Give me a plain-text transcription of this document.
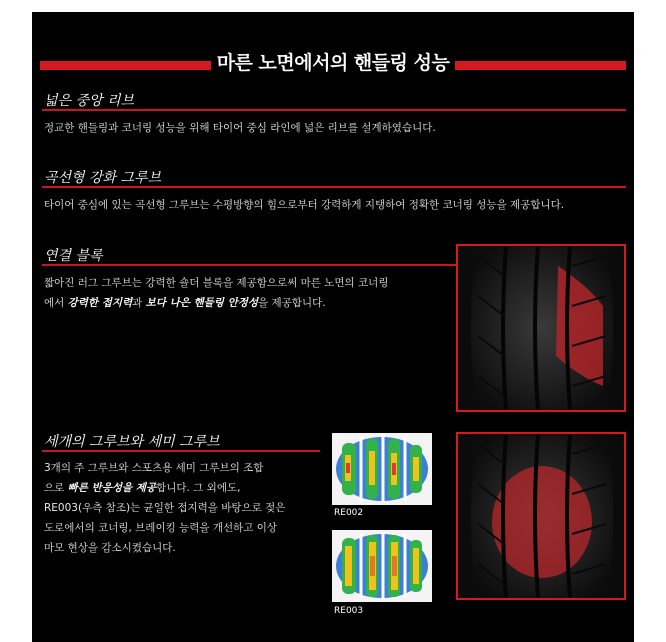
마른 노면에서의 핸들링 성능
넓은 중앙 리브
정교한 핸들링과 코너링 성능을 위해 타이어 중심 라인에 넓은 리브를 설계하였습니다.
곡선형 강화 그루브
타이어 중심에 있는 곡선형 그루브는 수평방향의 힘으로부터 강력하게 지탱하여 정확한 코너링 성능을 제공합니다.
연결 블록
짧아진 러그 그루브는 강력한 숄더 블록을 제공함으로써 마른 노면의 코너링
에서 강력한 접지력과 보다 나은 핸들링 안정성을 제공합니다.
세개의 그루브와 세미 그루브
3개의 주 그루브와 스포츠용 세미 그루브의 조합
으로 빠른 반응성을 제공합니다. 그 외에도,
RE003(우측 참조)는 균일한 접지력을 바탕으로 젖은
도로에서의 코너링, 브레이킹 능력을 개선하고 이상
마모 현상을 감소시켰습니다.
RE002
RE003
